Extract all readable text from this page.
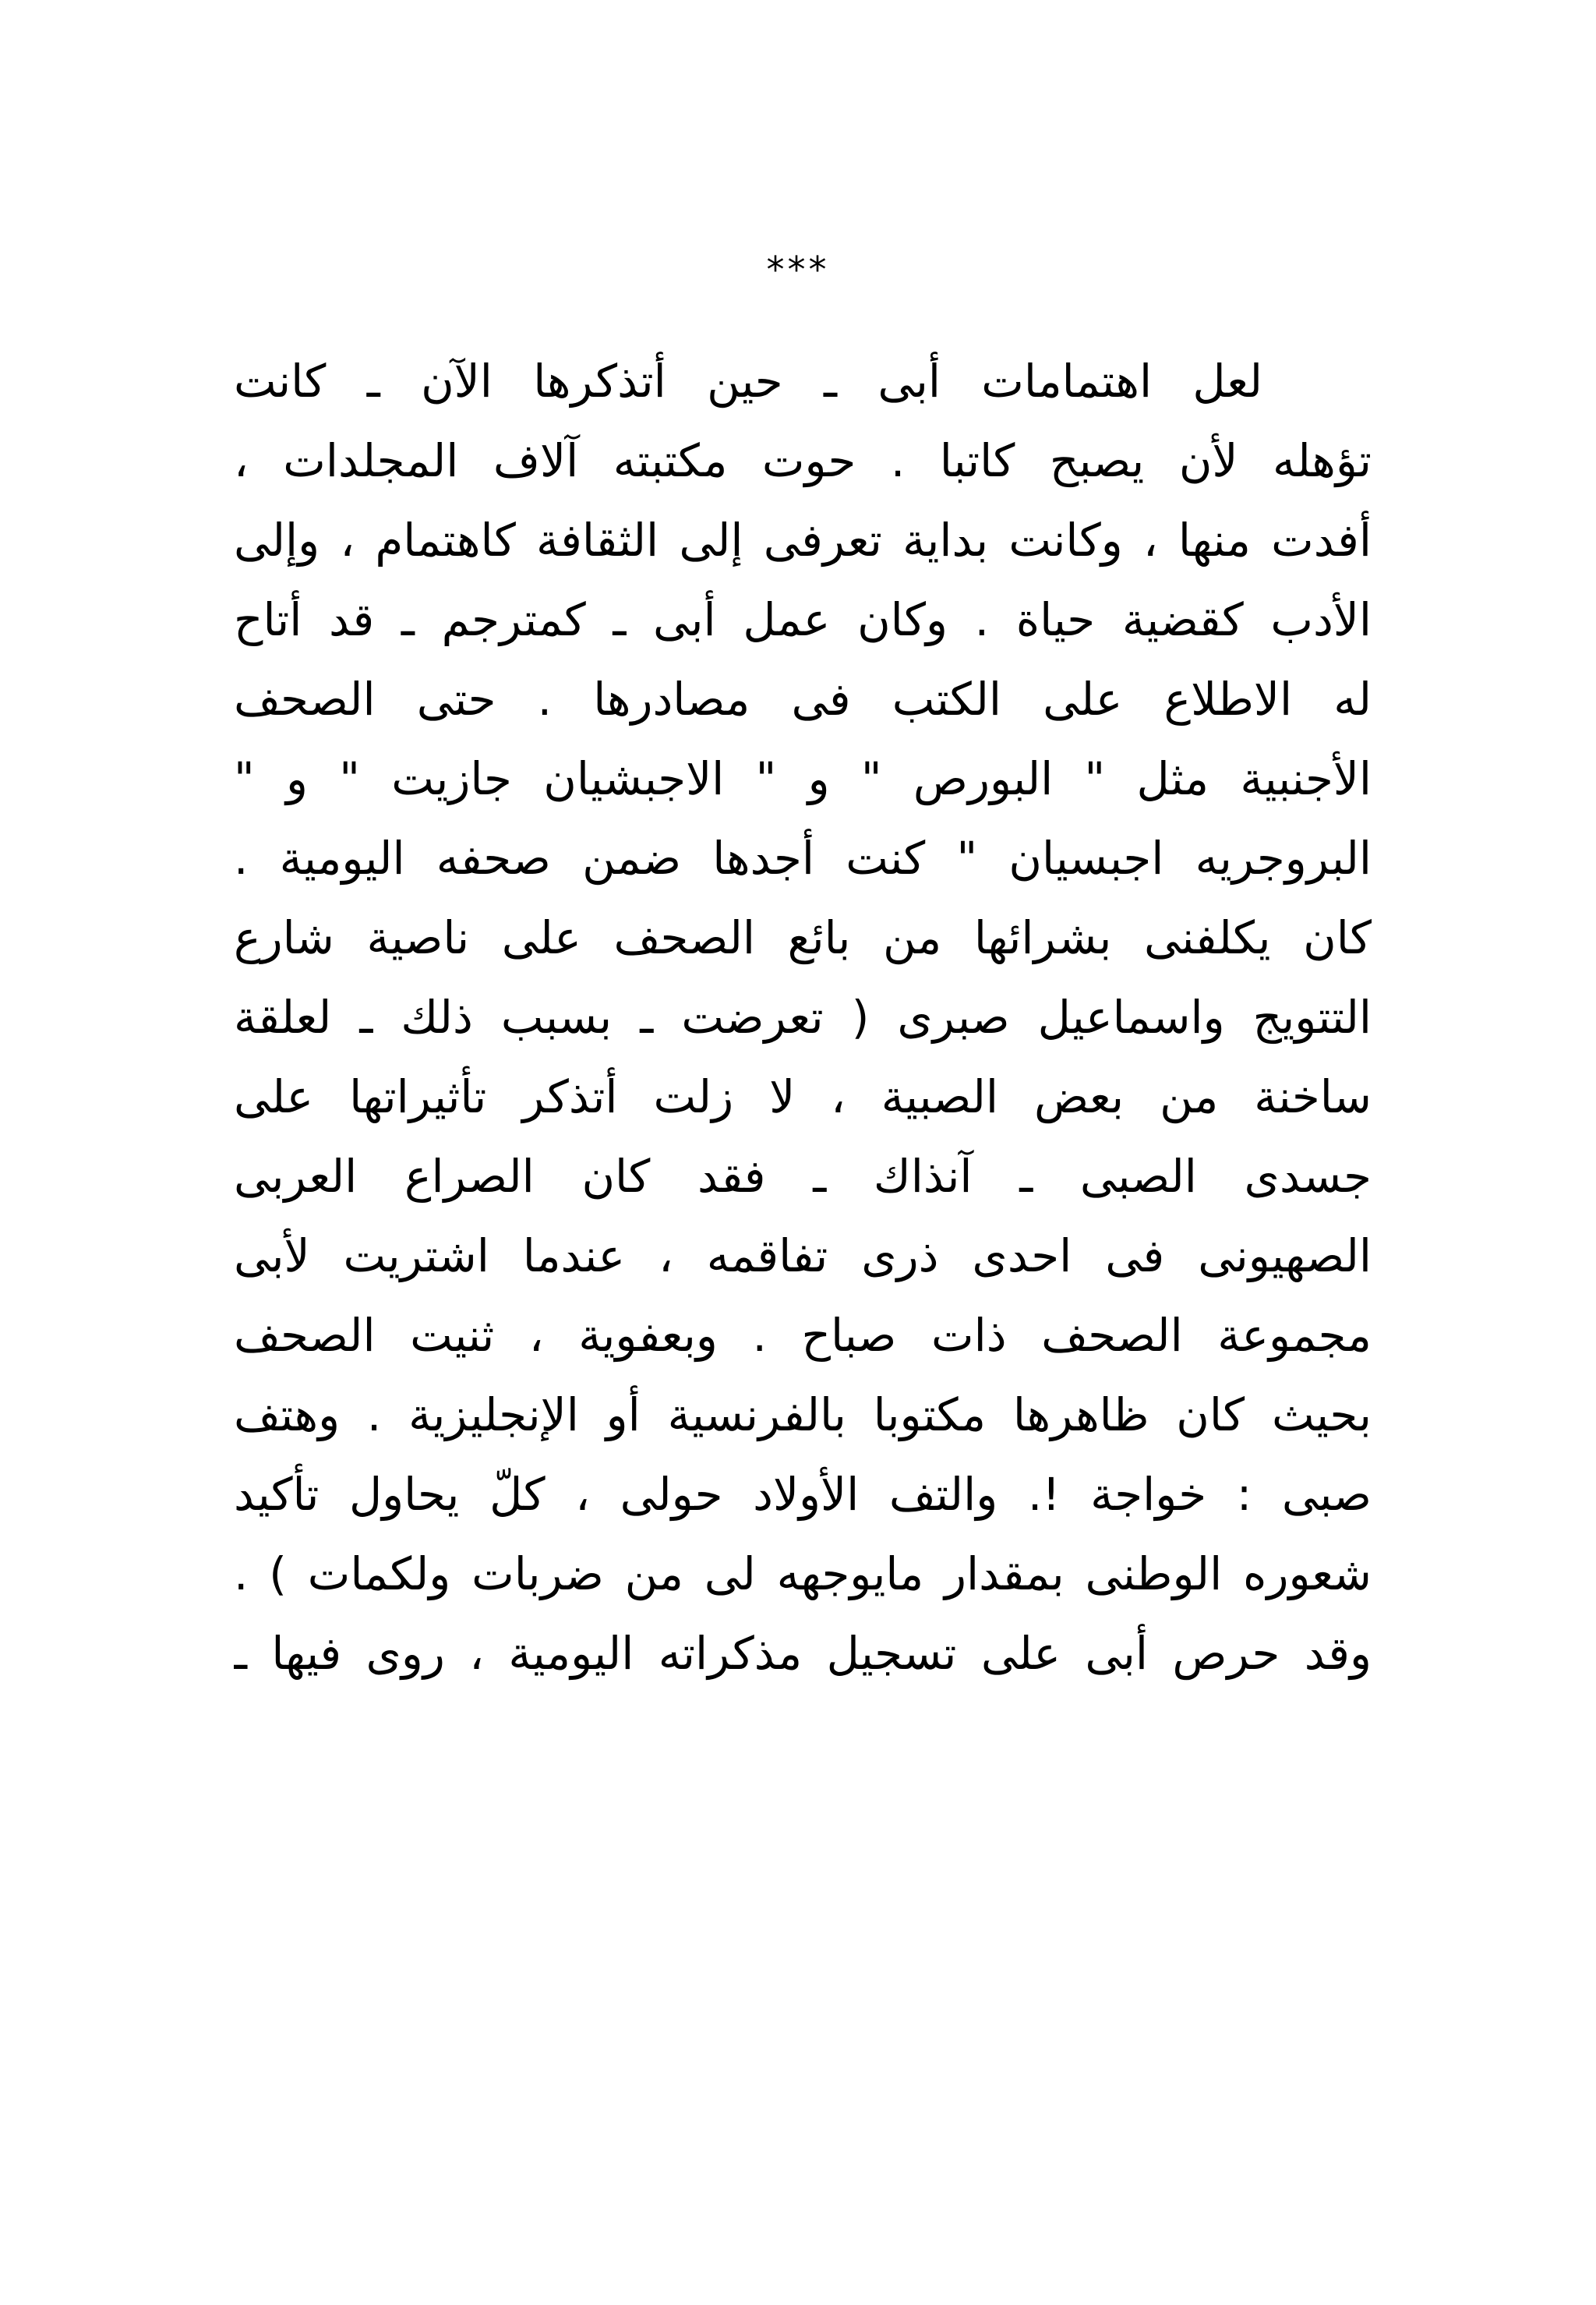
***
لعل اهتمامات أبى ـ حين أتذكرها الآن ـ كانت
تؤهله لأن يصبح كاتبا . حوت مكتبته آلاف المجلدات ،
أفدت منها ، وكانت بداية تعرفى إلى الثقافة كاهتمام ، وإلى
الأدب كقضية حياة . وكان عمل أبى ـ كمترجم ـ قد أتاح
له الاطلاع على الكتب فى مصادرها . حتى الصحف
الأجنبية مثل " البورص " و " الاجبشيان جازيت " و "
البروجريه اجبسيان " كنت أجدها ضمن صحفه اليومية .
كان يكلفنى بشرائها من بائع الصحف على ناصية شارع
التتويج واسماعيل صبرى ( تعرضت ـ بسبب ذلك ـ لعلقة
ساخنة من بعض الصبية ، لا زلت أتذكر تأثيراتها على
جسدى الصبى ـ آنذاك ـ فقد كان الصراع العربى
الصهيونى فى احدى ذرى تفاقمه ، عندما اشتريت لأبى
مجموعة الصحف ذات صباح . وبعفوية ، ثنيت الصحف
بحيث كان ظاهرها مكتوبا بالفرنسية أو الإنجليزية . وهتف
صبى : خواجة !. والتف الأولاد حولى ، كلّ يحاول تأكيد
شعوره الوطنى بمقدار مايوجهه لى من ضربات ولكمات ) .
وقد حرص أبى على تسجيل مذكراته اليومية ، روى فيها ـ
